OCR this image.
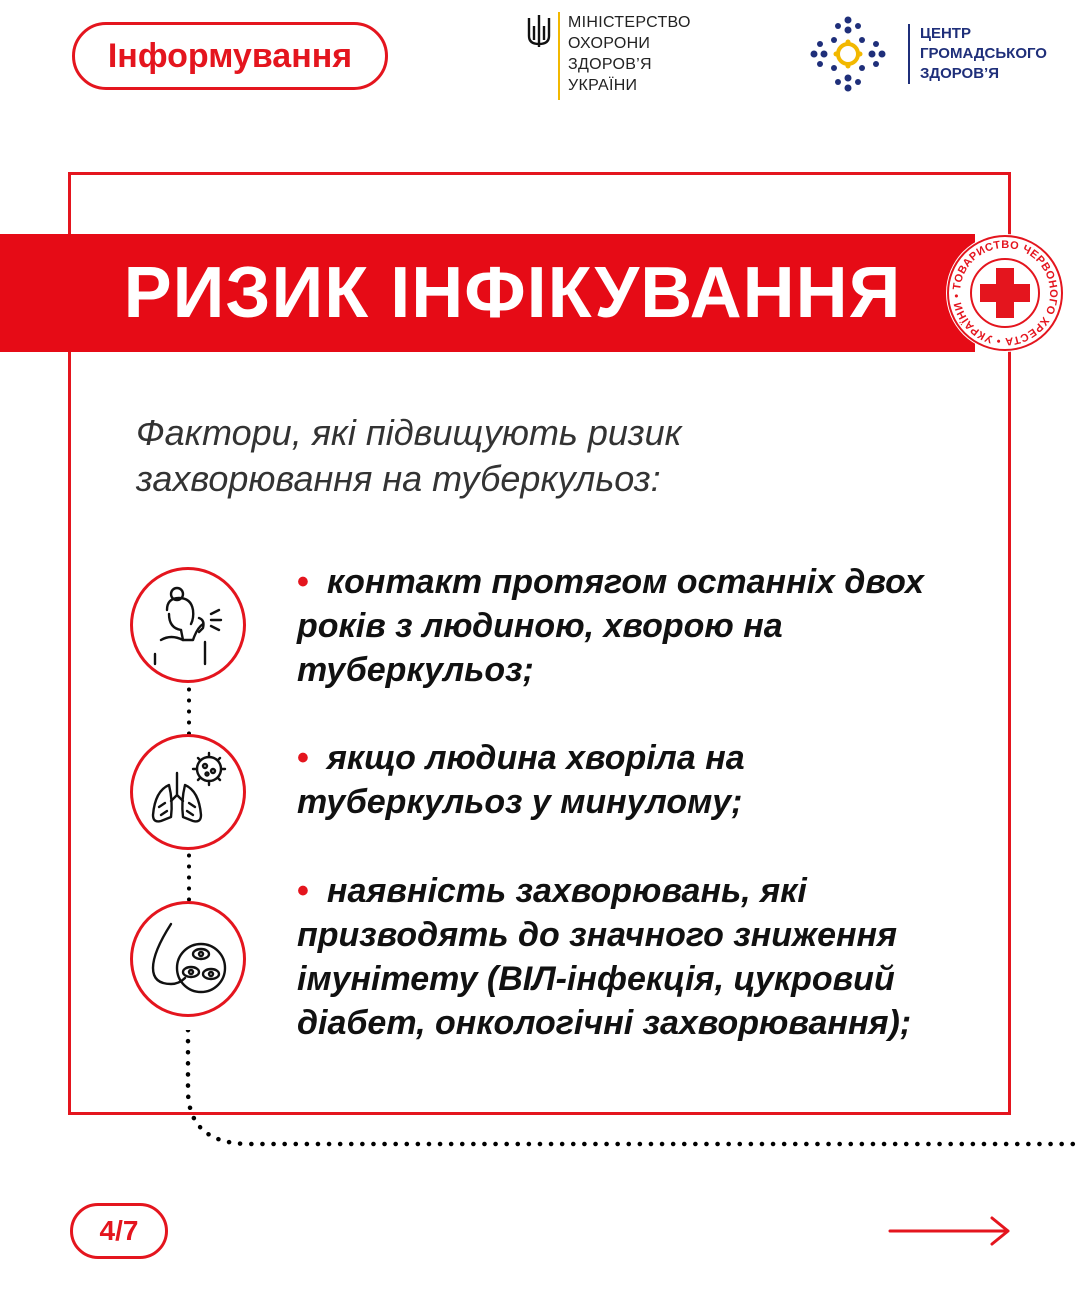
Інформування
МІНІСТЕРСТВО
ОХОРОНИ
ЗДОРОВ’Я
УКРАЇНИ
ЦЕНТР
ГРОМАДСЬКОГО
ЗДОРОВ’Я
РИЗИК ІНФІКУВАННЯ	ТОВАРИСТВО ЧЕРВОНОГО ХРЕСТА • УКРАЇНИ •
Фактори, які підвищують ризик
захворювання на туберкульоз:
• контакт протягом останніх двох
років з людиною, хворою на
туберкульоз;
• якщо людина хворіла на
туберкульоз у минулому;
• наявність захворювань, які
призводять до значного зниження
імунітету (ВІЛ-інфекція, цукровий
діабет, онкологічні захворювання);
4/7
